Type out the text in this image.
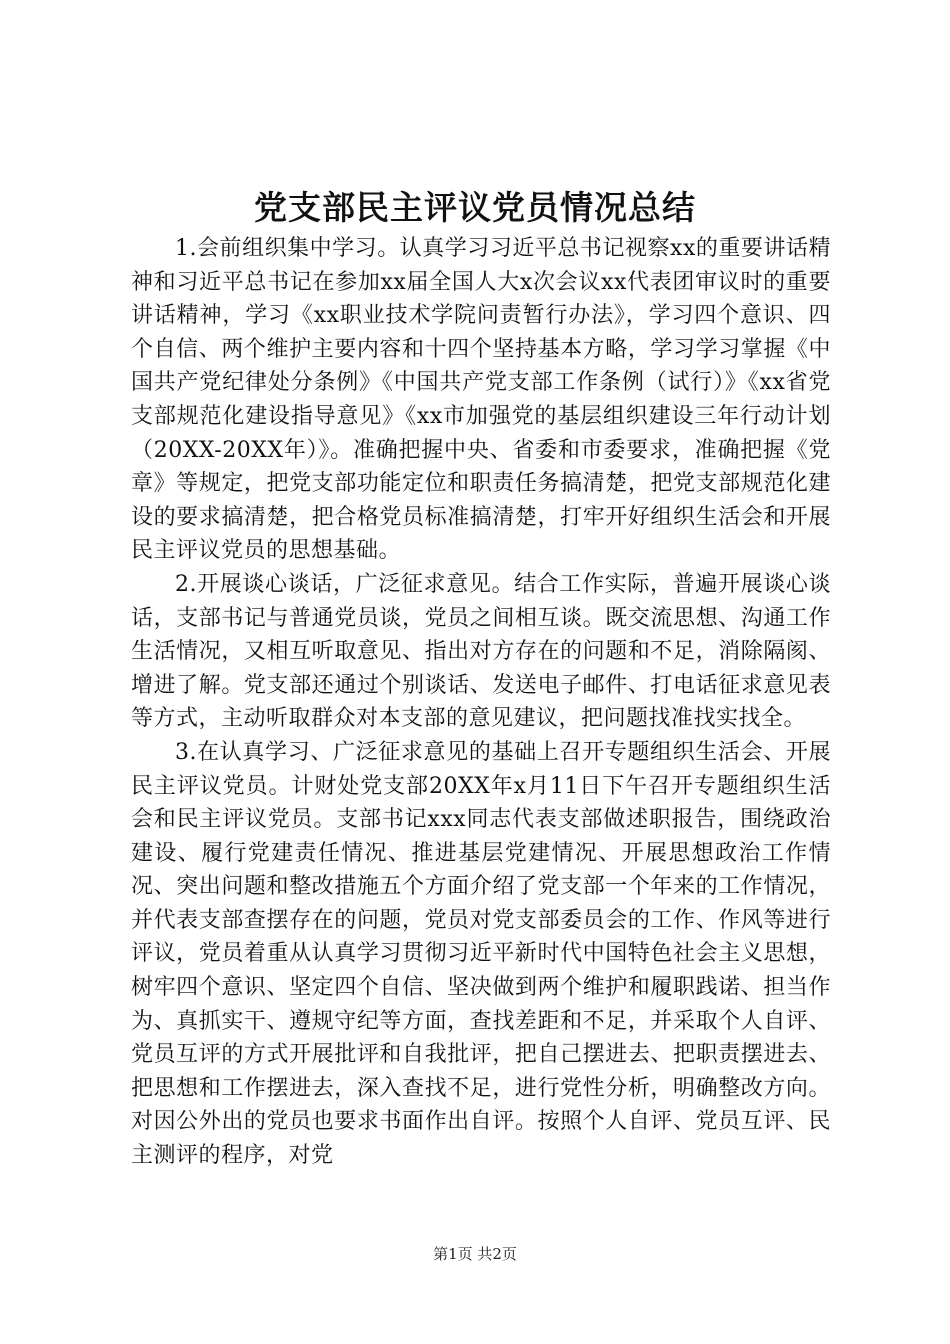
党支部民主评议党员情况总结

1.会前组织集中学习。认真学习习近平总书记视察xx的重要讲话精神和习近平总书记在参加xx届全国人大x次会议xx代表团审议时的重要讲话精神，学习《xx职业技术学院问责暂行办法》，学习四个意识、四个自信、两个维护主要内容和十四个坚持基本方略，学习学习掌握《中国共产党纪律处分条例》《中国共产党支部工作条例（试行）》《xx省党支部规范化建设指导意见》《xx市加强党的基层组织建设三年行动计划（20XX-20XX年）》。准确把握中央、省委和市委要求，准确把握《党章》等规定，把党支部功能定位和职责任务搞清楚，把党支部规范化建设的要求搞清楚，把合格党员标准搞清楚，打牢开好组织生活会和开展民主评议党员的思想基础。

2.开展谈心谈话，广泛征求意见。结合工作实际，普遍开展谈心谈话，支部书记与普通党员谈，党员之间相互谈。既交流思想、沟通工作生活情况，又相互听取意见、指出对方存在的问题和不足，消除隔阂、增进了解。党支部还通过个别谈话、发送电子邮件、打电话征求意见表等方式，主动听取群众对本支部的意见建议，把问题找准找实找全。

3.在认真学习、广泛征求意见的基础上召开专题组织生活会、开展民主评议党员。计财处党支部20XX年x月11日下午召开专题组织生活会和民主评议党员。支部书记xxx同志代表支部做述职报告，围绕政治建设、履行党建责任情况、推进基层党建情况、开展思想政治工作情况、突出问题和整改措施五个方面介绍了党支部一个年来的工作情况，并代表支部查摆存在的问题，党员对党支部委员会的工作、作风等进行评议，党员着重从认真学习贯彻习近平新时代中国特色社会主义思想，树牢四个意识、坚定四个自信、坚决做到两个维护和履职践诺、担当作为、真抓实干、遵规守纪等方面，查找差距和不足，并采取个人自评、党员互评的方式开展批评和自我批评，把自己摆进去、把职责摆进去、把思想和工作摆进去，深入查找不足，进行党性分析，明确整改方向。对因公外出的党员也要求书面作出自评。按照个人自评、党员互评、民主测评的程序，对党

第1页 共2页
